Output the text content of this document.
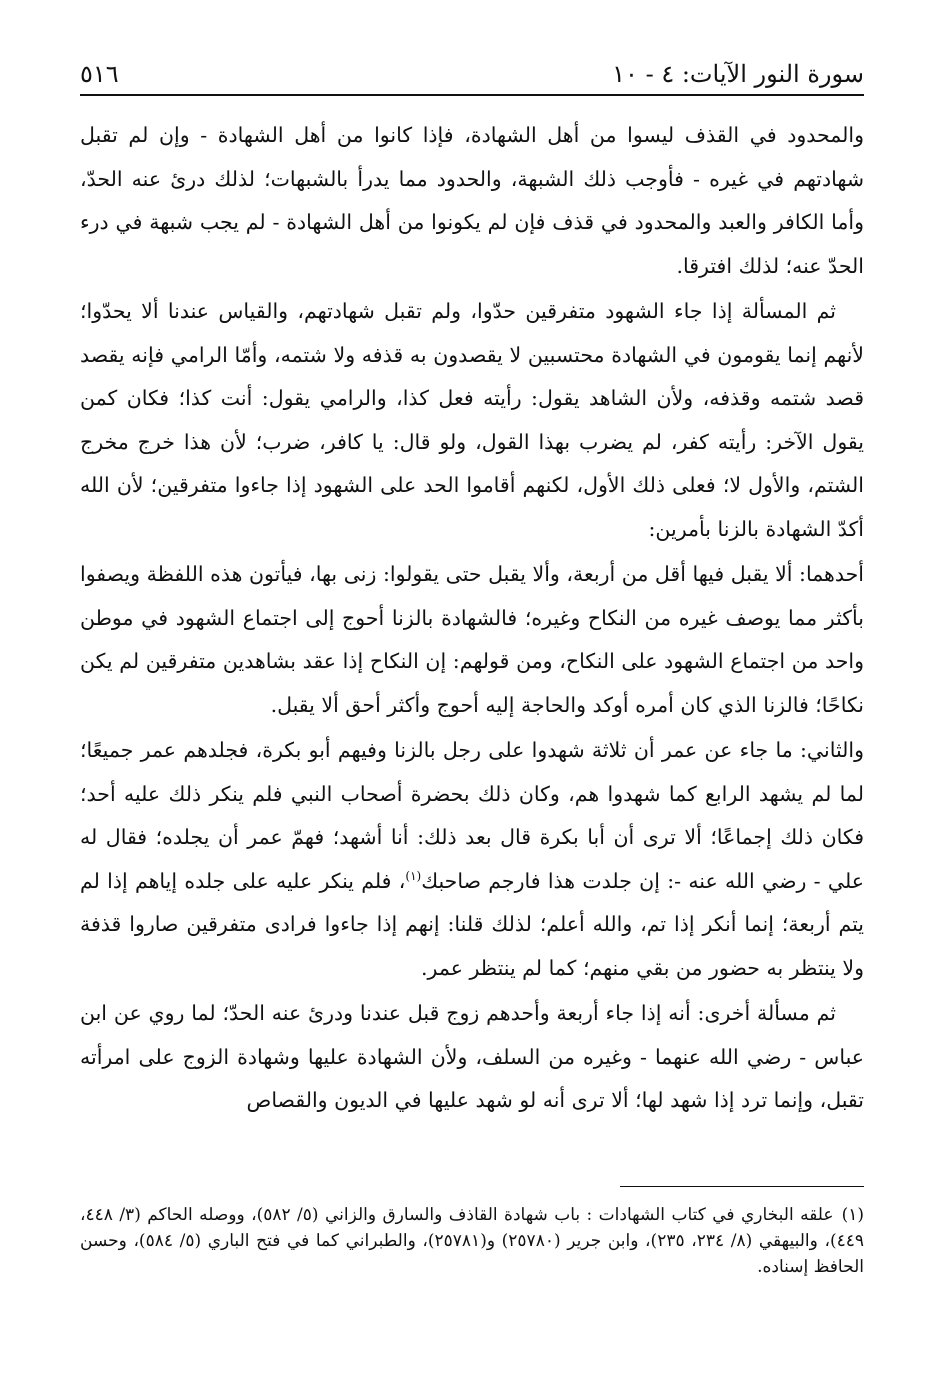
سورة النور الآيات: ٤ - ١٠
٥١٦

والمحدود في القذف ليسوا من أهل الشهادة، فإذا كانوا من أهل الشهادة - وإن لم تقبل شهادتهم في غيره - فأوجب ذلك الشبهة، والحدود مما يدرأ بالشبهات؛ لذلك درئ عنه الحدّ، وأما الكافر والعبد والمحدود في قذف فإن لم يكونوا من أهل الشهادة - لم يجب شبهة في درء الحدّ عنه؛ لذلك افترقا.

ثم المسألة إذا جاء الشهود متفرقين حدّوا، ولم تقبل شهادتهم، والقياس عندنا ألا يحدّوا؛ لأنهم إنما يقومون في الشهادة محتسبين لا يقصدون به قذفه ولا شتمه، وأمّا الرامي فإنه يقصد قصد شتمه وقذفه، ولأن الشاهد يقول: رأيته فعل كذا، والرامي يقول: أنت كذا؛ فكان كمن يقول الآخر: رأيته كفر، لم يضرب بهذا القول، ولو قال: يا كافر، ضرب؛ لأن هذا خرج مخرج الشتم، والأول لا؛ فعلى ذلك الأول، لكنهم أقاموا الحد على الشهود إذا جاءوا متفرقين؛ لأن الله أكدّ الشهادة بالزنا بأمرين:

أحدهما: ألا يقبل فيها أقل من أربعة، وألا يقبل حتى يقولوا: زنى بها، فيأتون هذه اللفظة ويصفوا بأكثر مما يوصف غيره من النكاح وغيره؛ فالشهادة بالزنا أحوج إلى اجتماع الشهود في موطن واحد من اجتماع الشهود على النكاح، ومن قولهم: إن النكاح إذا عقد بشاهدين متفرقين لم يكن نكاحًا؛ فالزنا الذي كان أمره أوكد والحاجة إليه أحوج وأكثر أحق ألا يقبل.

والثاني: ما جاء عن عمر أن ثلاثة شهدوا على رجل بالزنا وفيهم أبو بكرة، فجلدهم عمر جميعًا؛ لما لم يشهد الرابع كما شهدوا هم، وكان ذلك بحضرة أصحاب النبي فلم ينكر ذلك عليه أحد؛ فكان ذلك إجماعًا؛ ألا ترى أن أبا بكرة قال بعد ذلك: أنا أشهد؛ فهمّ عمر أن يجلده؛ فقال له علي - رضي الله عنه -: إن جلدت هذا فارجم صاحبك$^{(١)}$، فلم ينكر عليه على جلده إياهم إذا لم يتم أربعة؛ إنما أنكر إذا تم، والله أعلم؛ لذلك قلنا: إنهم إذا جاءوا فرادى متفرقين صاروا قذفة ولا ينتظر به حضور من بقي منهم؛ كما لم ينتظر عمر.

ثم مسألة أخرى: أنه إذا جاء أربعة وأحدهم زوج قبل عندنا ودرئ عنه الحدّ؛ لما روي عن ابن عباس - رضي الله عنهما - وغيره من السلف، ولأن الشهادة عليها وشهادة الزوج على امرأته تقبل، وإنما ترد إذا شهد لها؛ ألا ترى أنه لو شهد عليها في الديون والقصاص

(١)علقه البخاري في كتاب الشهادات : باب شهادة القاذف والسارق والزاني (٥/ ٥٨٢)، ووصله الحاكم (٣/ ٤٤٨، ٤٤٩)، والبيهقي (٨/ ٢٣٤، ٢٣٥)، وابن جرير (٢٥٧٨٠) و(٢٥٧٨١)، والطبراني كما في فتح الباري (٥/ ٥٨٤)، وحسن الحافظ إسناده.
